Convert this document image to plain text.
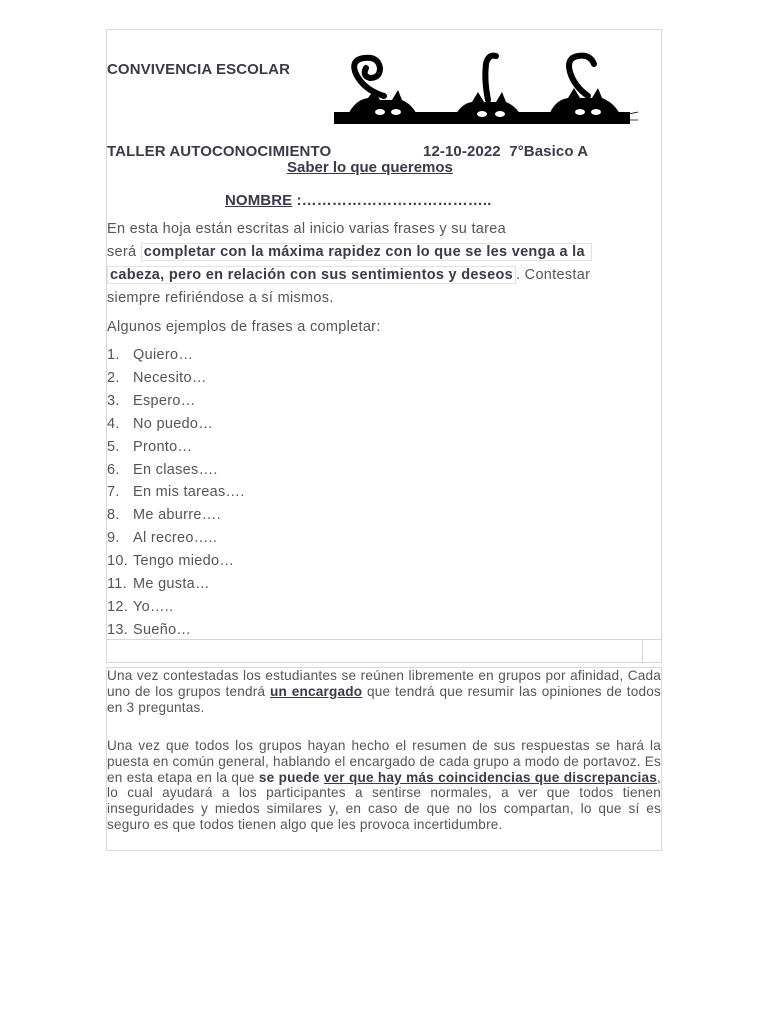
CONVIVENCIA ESCOLAR
TALLER AUTOCONOCIMIENTO	12-10-2022  7°Basico A
Saber lo que queremos
NOMBRE :………………………………..
En esta hoja están escritas al inicio varias frases y su tarea
será completar con la máxima rapidez con lo que se les venga a la
cabeza, pero en relación con sus sentimientos y deseos . Contestar
siempre refiriéndose a sí mismos.
Algunos ejemplos de frases a completar:
1. Quiero…
2. Necesito…
3. Espero…
4. No puedo…
5. Pronto…
6. En clases….
7. En mis tareas….
8. Me aburre….
9. Al recreo…..
10. Tengo miedo…
11. Me gusta…
12. Yo…..
13. Sueño…
Una vez contestadas los estudiantes se reúnen libremente en grupos por afinidad, Cada uno de los grupos tendrá un encargado que tendrá que resumir las opiniones de todos en 3 preguntas.
Una vez que todos los grupos hayan hecho el resumen de sus respuestas se hará la puesta en común general, hablando el encargado de cada grupo a modo de portavoz. Es en esta etapa en la que se puede ver que hay más coincidencias que discrepancias, lo cual ayudará a los participantes a sentirse normales, a ver que todos tienen inseguridades y miedos similares y, en caso de que no los compartan, lo que sí es seguro es que todos tienen algo que les provoca incertidumbre.
